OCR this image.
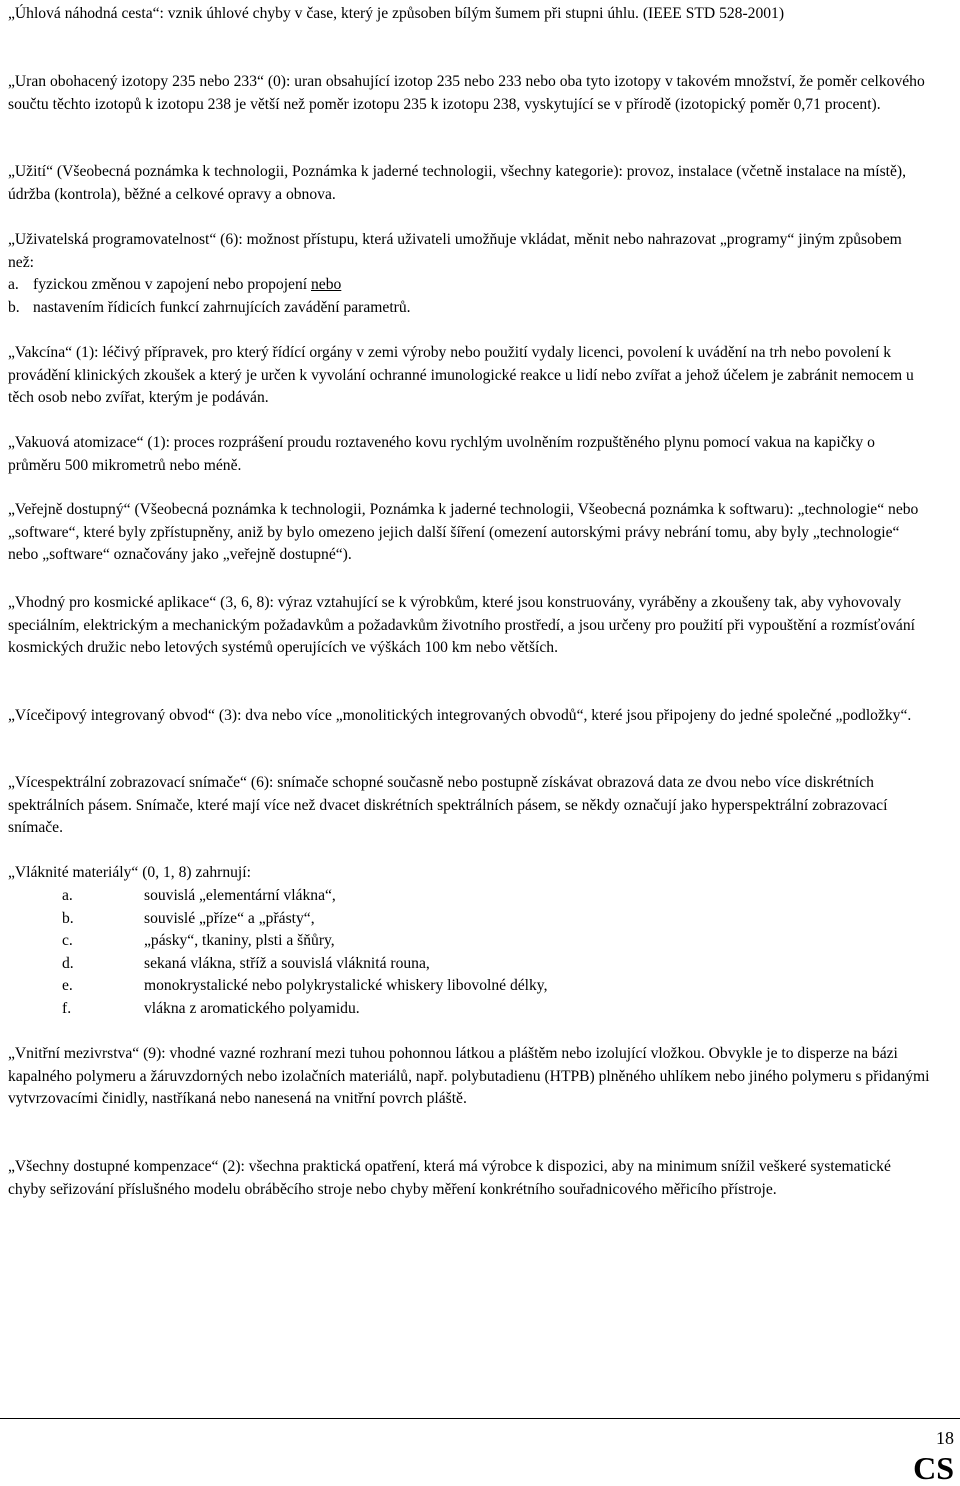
„Úhlová náhodná cesta“: vznik úhlové chyby v čase, který je způsoben bílým šumem při stupni úhlu. (IEEE STD 528-2001)

„Uran obohacený izotopy 235 nebo 233“ (0): uran obsahující izotop 235 nebo 233 nebo oba tyto izotopy v takovém množství, že poměr celkového součtu těchto izotopů k izotopu 238 je větší než poměr izotopu 235 k izotopu 238, vyskytující se v přírodě (izotopický poměr 0,71 procent).

„Užití“ (Všeobecná poznámka k technologii, Poznámka k jaderné technologii, všechny kategorie): provoz, instalace (včetně instalace na místě), údržba (kontrola), běžné a celkové opravy a obnova.

„Uživatelská programovatelnost“ (6): možnost přístupu, která uživateli umožňuje vkládat, měnit nebo nahrazovat „programy“ jiným způsobem než:

a. fyzickou změnou v zapojení nebo propojení nebo
b. nastavením řídicích funkcí zahrnujících zavádění parametrů.

„Vakcína“ (1): léčivý přípravek, pro který řídící orgány v zemi výroby nebo použití vydaly licenci, povolení k uvádění na trh nebo povolení k provádění klinických zkoušek a který je určen k vyvolání ochranné imunologické reakce u lidí nebo zvířat a jehož účelem je zabránit nemocem u těch osob nebo zvířat, kterým je podáván.

„Vakuová atomizace“ (1): proces rozprášení proudu roztaveného kovu rychlým uvolněním rozpuštěného plynu pomocí vakua na kapičky o průměru 500 mikrometrů nebo méně.

„Veřejně dostupný“ (Všeobecná poznámka k technologii, Poznámka k jaderné technologii, Všeobecná poznámka k softwaru): „technologie“ nebo „software“, které byly zpřístupněny, aniž by bylo omezeno jejich další šíření (omezení autorskými právy nebrání tomu, aby byly „technologie“ nebo „software“ označovány jako „veřejně dostupné“).

„Vhodný pro kosmické aplikace“ (3, 6, 8): výraz vztahující se k výrobkům, které jsou konstruovány, vyráběny a zkoušeny tak, aby vyhovovaly speciálním, elektrickým a mechanickým požadavkům a požadavkům životního prostředí, a jsou určeny pro použití při vypouštění a rozmísťování kosmických družic nebo letových systémů operujících ve výškách 100 km nebo větších.

„Vícečipový integrovaný obvod“ (3): dva nebo více „monolitických integrovaných obvodů“, které jsou připojeny do jedné společné „podložky“.

„Vícespektrální zobrazovací snímače“ (6): snímače schopné současně nebo postupně získávat obrazová data ze dvou nebo více diskrétních spektrálních pásem. Snímače, které mají více než dvacet diskrétních spektrálních pásem, se někdy označují jako hyperspektrální zobrazovací snímače.

„Vláknité materiály“ (0, 1, 8) zahrnují:

a.	souvislá „elementární vlákna“,
b.	souvislé „příze“ a „přásty“,
c.	„pásky“, tkaniny, plsti a šňůry,
d.	sekaná vlákna, stříž a souvislá vláknitá rouna,
e.	monokrystalické nebo polykrystalické whiskery libovolné délky,
f.	vlákna z aromatického polyamidu.

„Vnitřní mezivrstva“ (9): vhodné vazné rozhraní mezi tuhou pohonnou látkou a pláštěm nebo izolující vložkou. Obvykle je to disperze na bázi kapalného polymeru a žáruvzdorných nebo izolačních materiálů, např. polybutadienu (HTPB) plněného uhlíkem nebo jiného polymeru s přidanými vytvrzovacími činidly, nastříkaná nebo nanesená na vnitřní povrch pláště.

„Všechny dostupné kompenzace“ (2): všechna praktická opatření, která má výrobce k dispozici, aby na minimum snížil veškeré systematické chyby seřizování příslušného modelu obráběcího stroje nebo chyby měření konkrétního souřadnicového měřicího přístroje.

18
CS
